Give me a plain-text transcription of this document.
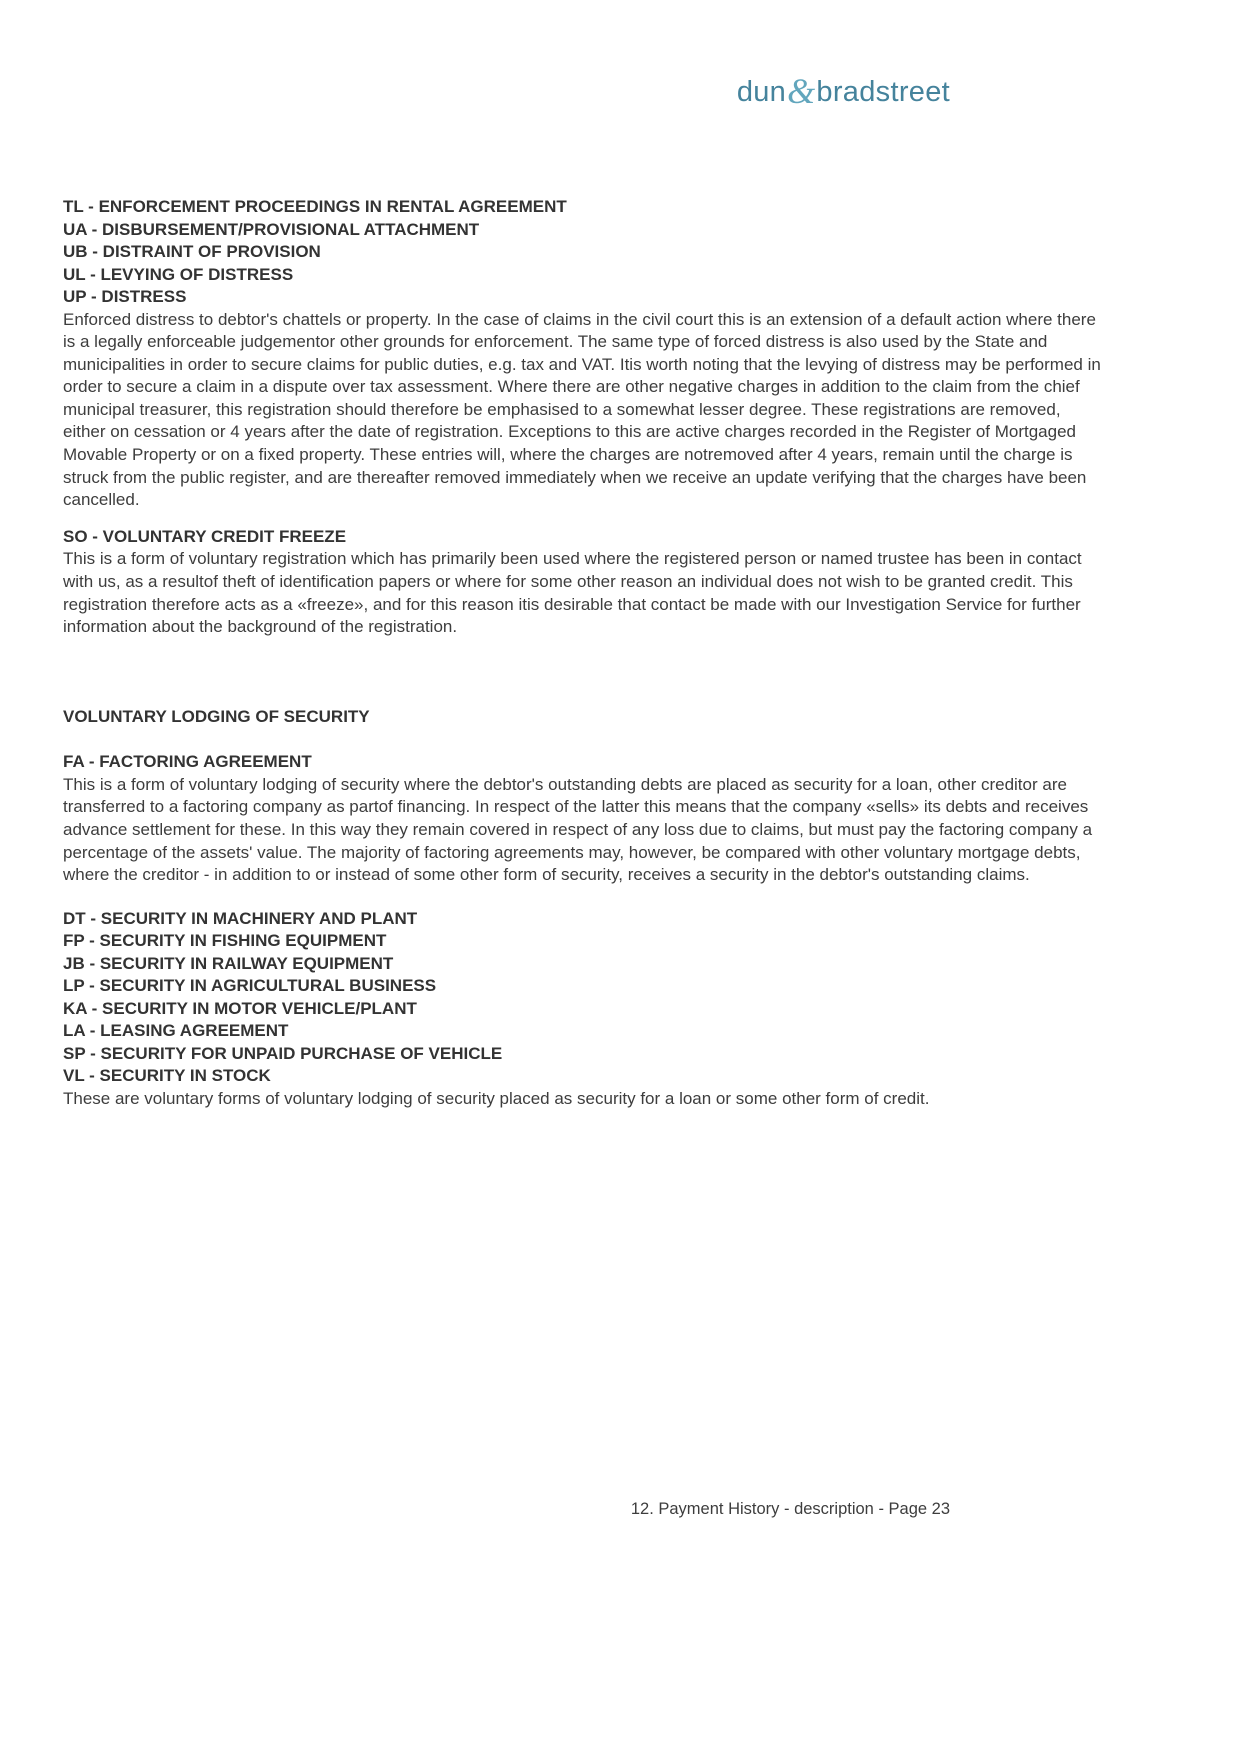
dun&bradstreet
TL - ENFORCEMENT PROCEEDINGS IN RENTAL AGREEMENT
UA - DISBURSEMENT/PROVISIONAL ATTACHMENT
UB - DISTRAINT OF PROVISION
UL - LEVYING OF DISTRESS
UP - DISTRESS

Enforced distress to debtor's chattels or property. In the case of claims in the civil court this is an extension of a default action where there is a legally enforceable judgementor other grounds for enforcement. The same type of forced distress is also used by the State and municipalities in order to secure claims for public duties, e.g. tax and VAT. Itis worth noting that the levying of distress may be performed in order to secure a claim in a dispute over tax assessment. Where there are other negative charges in addition to the claim from the chief municipal treasurer, this registration should therefore be emphasised to a somewhat lesser degree. These registrations are removed, either on cessation or 4 years after the date of registration. Exceptions to this are active charges recorded in the Register of Mortgaged Movable Property or on a fixed property. These entries will, where the charges are notremoved after 4 years, remain until the charge is struck from the public register, and are thereafter removed immediately when we receive an update verifying that the charges have been cancelled.

SO - VOLUNTARY CREDIT FREEZE

This is a form of voluntary registration which has primarily been used where the registered person or named trustee has been in contact with us, as a resultof theft of identification papers or where for some other reason an individual does not wish to be granted credit. This registration therefore acts as a «freeze», and for this reason itis desirable that contact be made with our Investigation Service for further information about the background of the registration.

VOLUNTARY LODGING OF SECURITY
FA - FACTORING AGREEMENT

This is a form of voluntary lodging of security where the debtor's outstanding debts are placed as security for a loan, other creditor are transferred to a factoring company as partof financing. In respect of the latter this means that the company «sells» its debts and receives advance settlement for these. In this way they remain covered in respect of any loss due to claims, but must pay the factoring company a percentage of the assets' value. The majority of factoring agreements may, however, be compared with other voluntary mortgage debts, where the creditor - in addition to or instead of some other form of security, receives a security in the debtor's outstanding claims.

DT - SECURITY IN MACHINERY AND PLANT
FP - SECURITY IN FISHING EQUIPMENT
JB - SECURITY IN RAILWAY EQUIPMENT
LP - SECURITY IN AGRICULTURAL BUSINESS
KA - SECURITY IN MOTOR VEHICLE/PLANT
LA - LEASING AGREEMENT
SP - SECURITY FOR UNPAID PURCHASE OF VEHICLE
VL - SECURITY IN STOCK

These are voluntary forms of voluntary lodging of security placed as security for a loan or some other form of credit.

12. Payment History - description - Page 23
